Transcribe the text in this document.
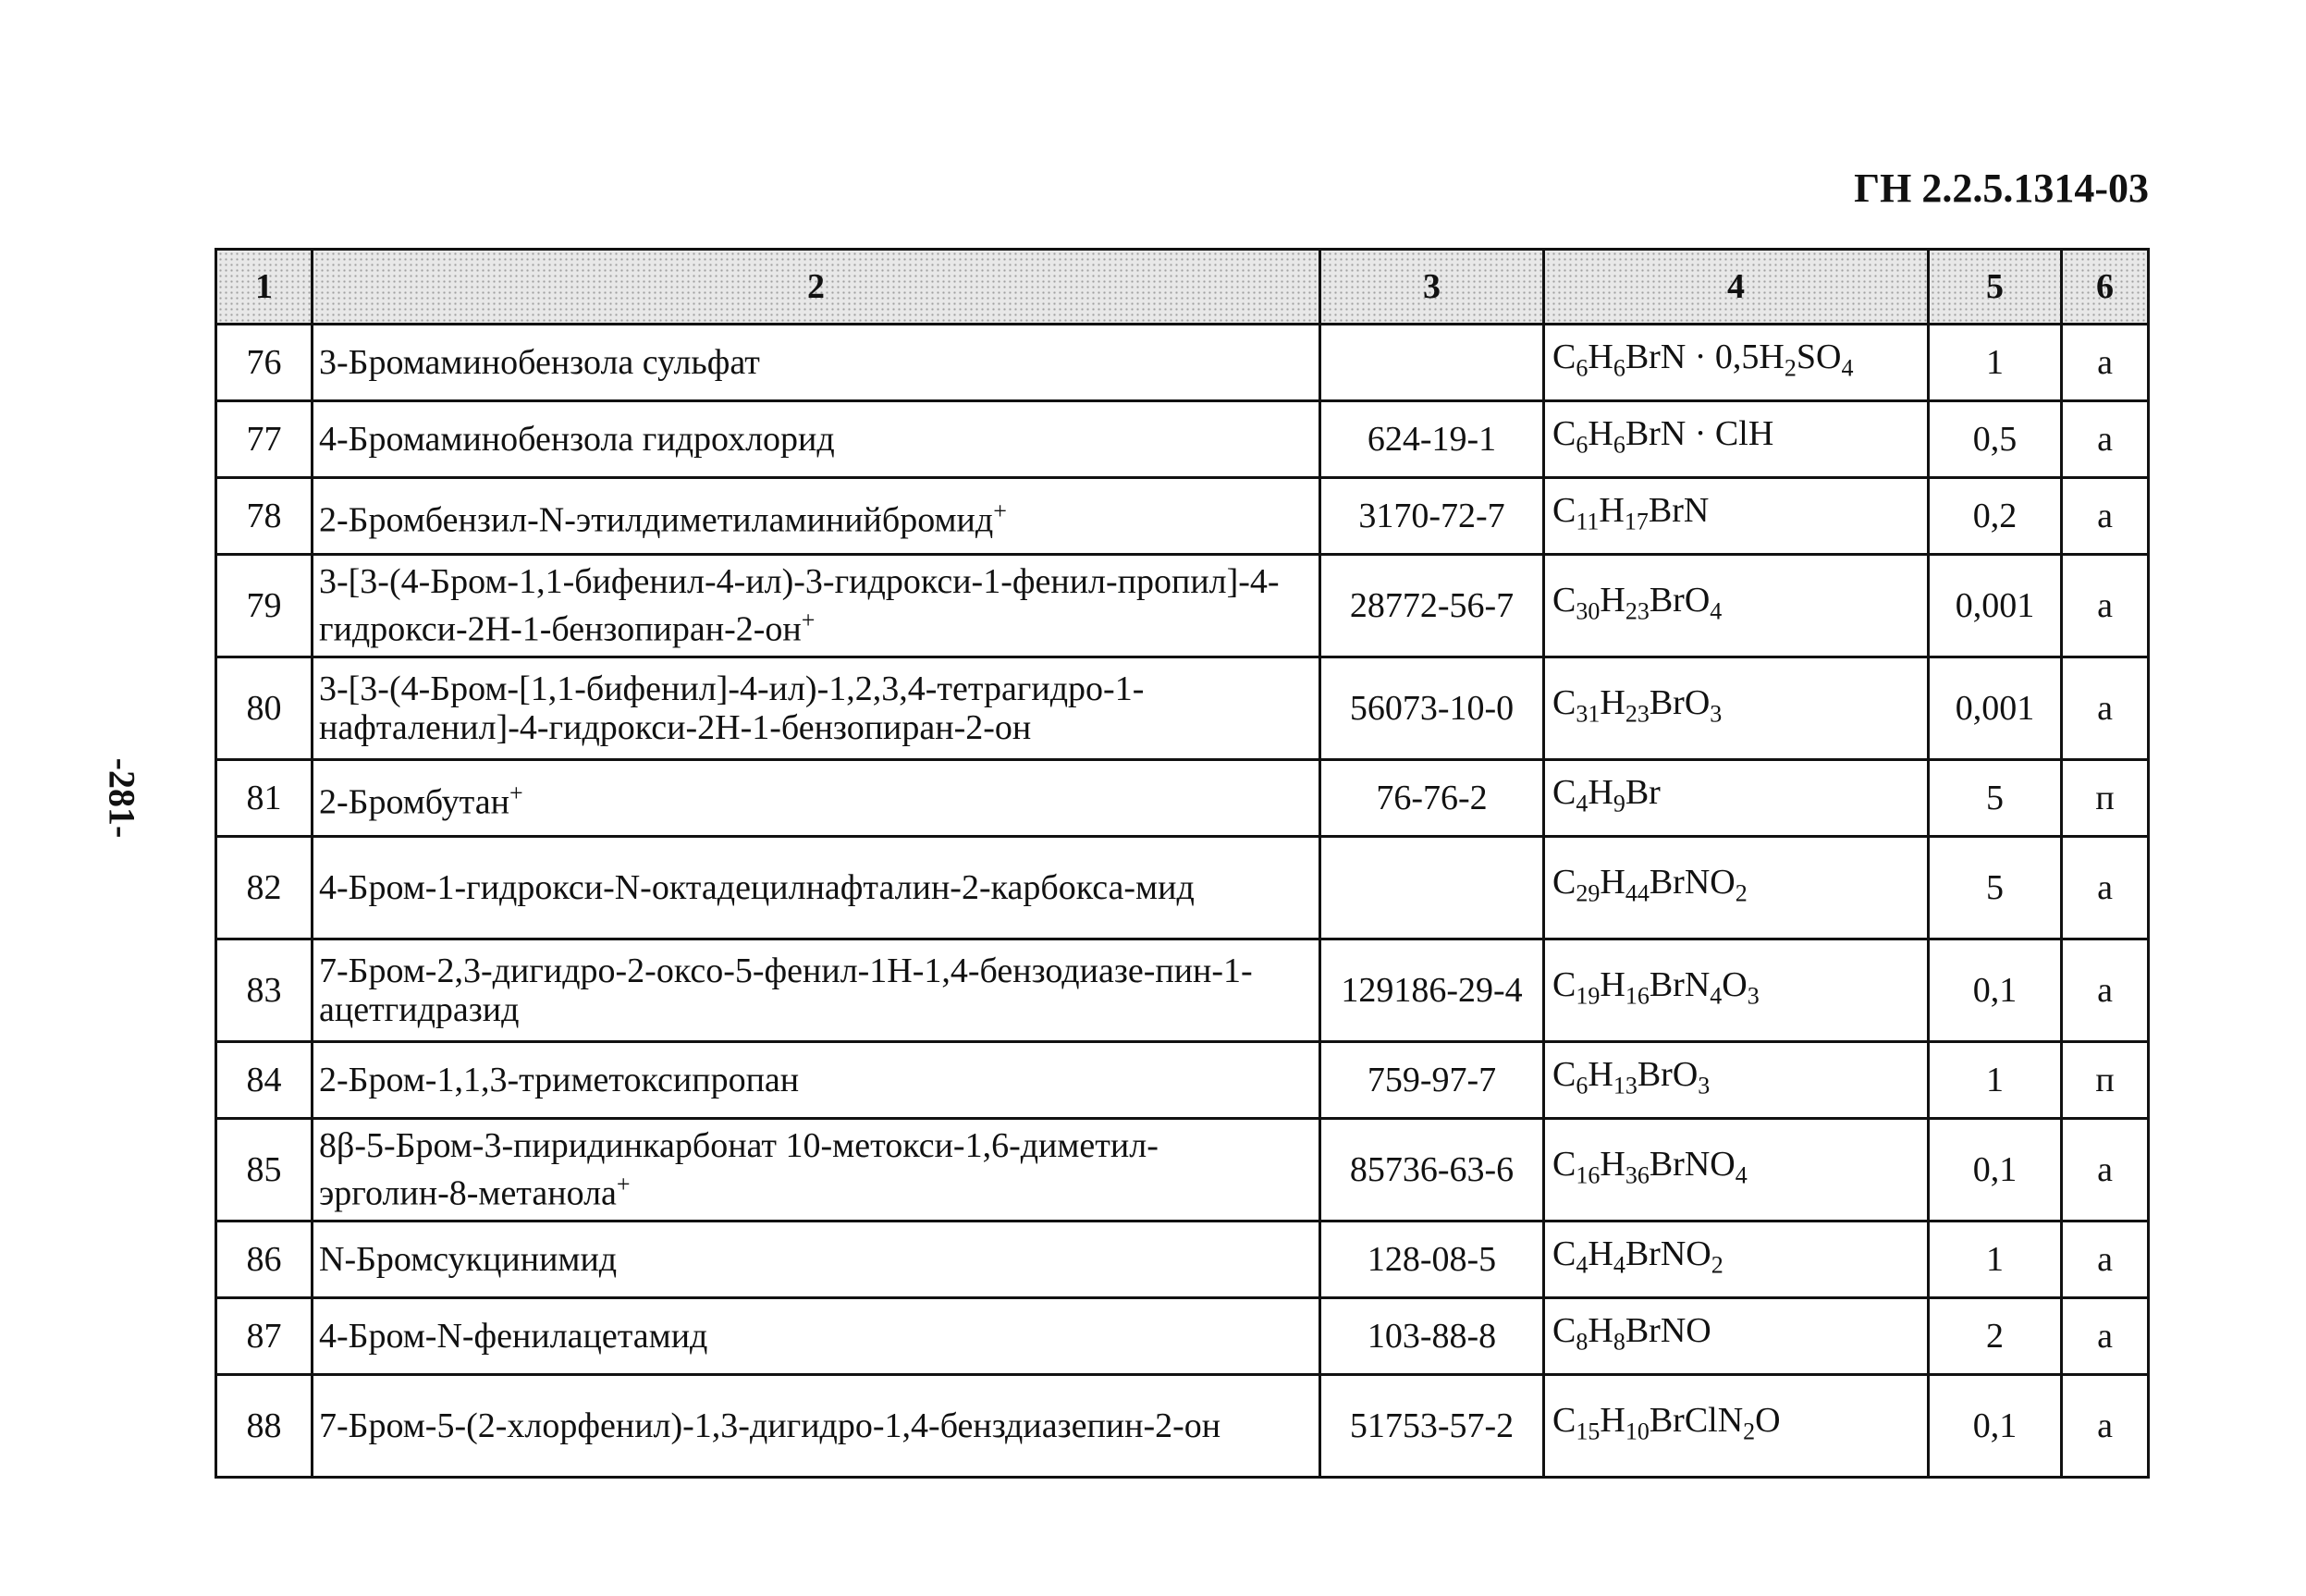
ГН 2.2.5.1314-03
-281-
1	2	3	4	5	6
76	3-Бромаминобензола сульфат		$C_6H_6BrN \cdot 0,5H_2SO_4$	1	а
77	4-Бромаминобензола гидрохлорид	624-19-1	$C_6H_6BrN$ · ClH	0,5	а
78	2-Бромбензил-N-этилдиметиламинийбромид+	3170-72-7	$C_{11}H_{17}BrN$	0,2	а
79	3-[3-(4-Бром-1,1-бифенил-4-ил)-3-гидрокси-1-фенил-пропил]-4-гидрокси-2H-1-бензопиран-2-он+	28772-56-7	$C_{30}H_{23}BrO_4$	0,001	а
80	3-[3-(4-Бром-[1,1-бифенил]-4-ил)-1,2,3,4-тетрагидро-1-нафталенил]-4-гидрокси-2H-1-бензопиран-2-он	56073-10-0	$C_{31}H_{23}BrO_3$	0,001	а
81	2-Бромбутан+	76-76-2	$C_4H_9Br$	5	п
82	4-Бром-1-гидрокси-N-октадецилнафталин-2-карбокса-мид		$C_{29}H_{44}BrNO_2$	5	а
83	7-Бром-2,3-дигидро-2-оксо-5-фенил-1H-1,4-бензодиазе-пин-1-ацетгидразид	129186-29-4	$C_{19}H_{16}BrN_4O_3$	0,1	а
84	2-Бром-1,1,3-триметоксипропан	759-97-7	$C_6H_{13}BrO_3$	1	п
85	8β-5-Бром-3-пиридинкарбонат 10-метокси-1,6-диметил-эрголин-8-метанола+	85736-63-6	$C_{16}H_{36}BrNO_4$	0,1	а
86	N-Бромсукцинимид	128-08-5	$C_4H_4BrNO_2$	1	а
87	4-Бром-N-фенилацетамид	103-88-8	$C_8H_8BrNO$	2	а
88	7-Бром-5-(2-хлорфенил)-1,3-дигидро-1,4-бенздиазепин-2-он	51753-57-2	$C_{15}H_{10}BrClN_2O$	0,1	а
